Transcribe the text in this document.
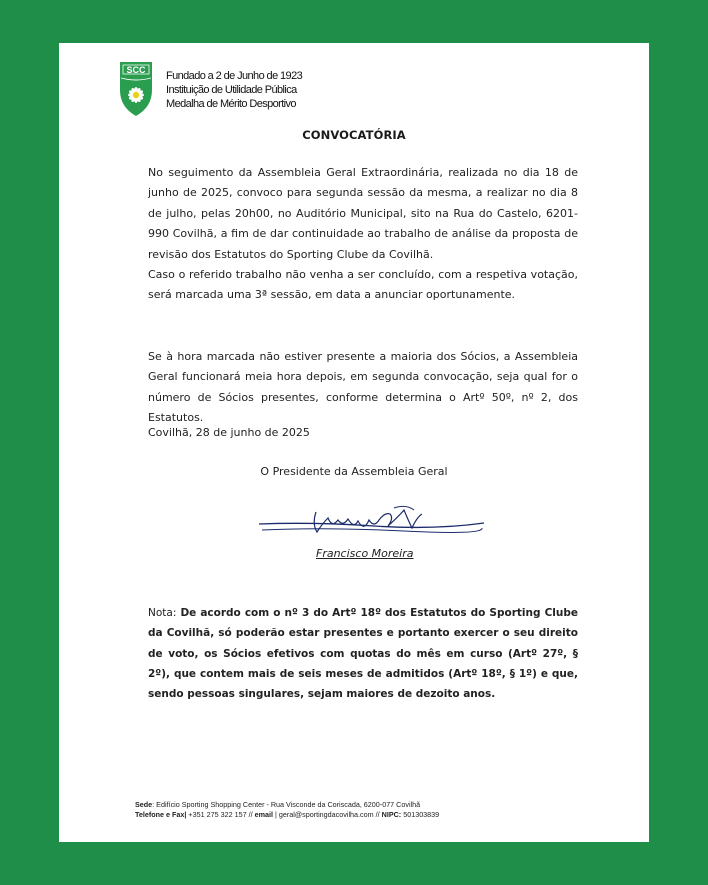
SCC Fundado a 2 de Junho de 1923
Instituição de Utilidade Pública
Medalha de Mérito Desportivo
CONVOCATÓRIA
No seguimento da Assembleia Geral Extraordinária, realizada no dia 18 de junho de 2025, convoco para segunda sessão da mesma, a realizar no dia 8 de julho, pelas 20h00, no Auditório Municipal, sito na Rua do Castelo, 6201-990 Covilhã, a fim de dar continuidade ao trabalho de análise da proposta de revisão dos Estatutos do Sporting Clube da Covilhã.
Caso o referido trabalho não venha a ser concluído, com a respetiva votação, será marcada uma 3ª sessão, em data a anunciar oportunamente.
Se à hora marcada não estiver presente a maioria dos Sócios, a Assembleia Geral funcionará meia hora depois, em segunda convocação, seja qual for o número de Sócios presentes, conforme determina o Artº 50º, nº 2, dos Estatutos.
Covilhã, 28 de junho de 2025
O Presidente da Assembleia Geral
Francisco Moreira
Nota: De acordo com o nº 3 do Artº 18º dos Estatutos do Sporting Clube da Covilhã, só poderão estar presentes e portanto exercer o seu direito de voto, os Sócios efetivos com quotas do mês em curso (Artº 27º, § 2º), que contem mais de seis meses de admitidos (Artº 18º, § 1º) e que, sendo pessoas singulares, sejam maiores de dezoito anos.
Sede: Edifício Sporting Shopping Center - Rua Visconde da Coriscada, 6200-077 Covilhã
Telefone e Fax| +351 275 322 157 // email | geral@sportingdacovilha.com // NIPC: 501303839
